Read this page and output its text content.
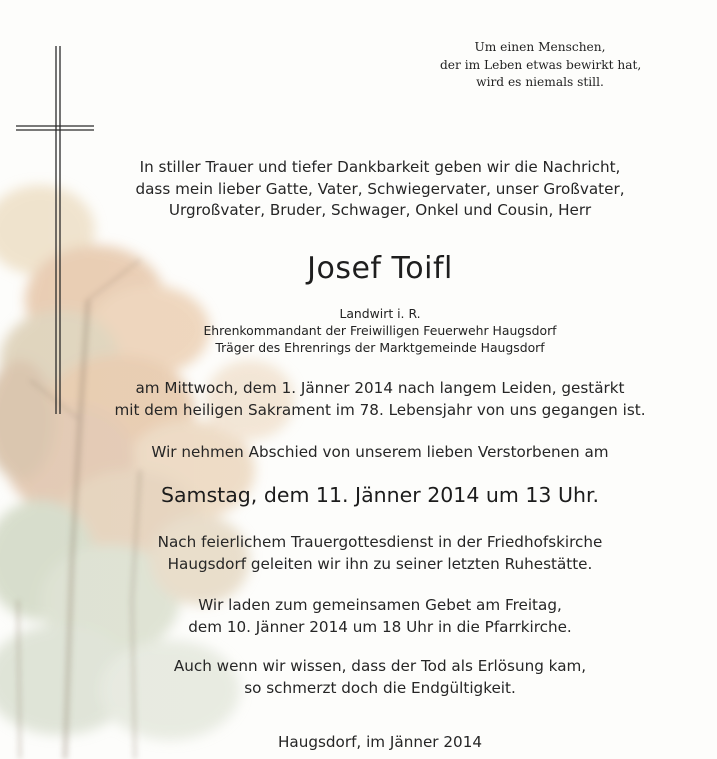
Um einen Menschen,
der im Leben etwas bewirkt hat,
wird es niemals still.
In stiller Trauer und tiefer Dankbarkeit geben wir die Nachricht,
dass mein lieber Gatte, Vater, Schwiegervater, unser Großvater,
Urgroßvater, Bruder, Schwager, Onkel und Cousin, Herr
Josef Toifl
Landwirt i. R.
Ehrenkommandant der Freiwilligen Feuerwehr Haugsdorf
Träger des Ehrenrings der Marktgemeinde Haugsdorf
am Mittwoch, dem 1. Jänner 2014 nach langem Leiden, gestärkt
mit dem heiligen Sakrament im 78. Lebensjahr von uns gegangen ist.
Wir nehmen Abschied von unserem lieben Verstorbenen am
Samstag, dem 11. Jänner 2014 um 13 Uhr.
Nach feierlichem Trauergottesdienst in der Friedhofskirche
Haugsdorf geleiten wir ihn zu seiner letzten Ruhestätte.
Wir laden zum gemeinsamen Gebet am Freitag,
dem 10. Jänner 2014 um 18 Uhr in die Pfarrkirche.
Auch wenn wir wissen, dass der Tod als Erlösung kam,
so schmerzt doch die Endgültigkeit.
Haugsdorf, im Jänner 2014
